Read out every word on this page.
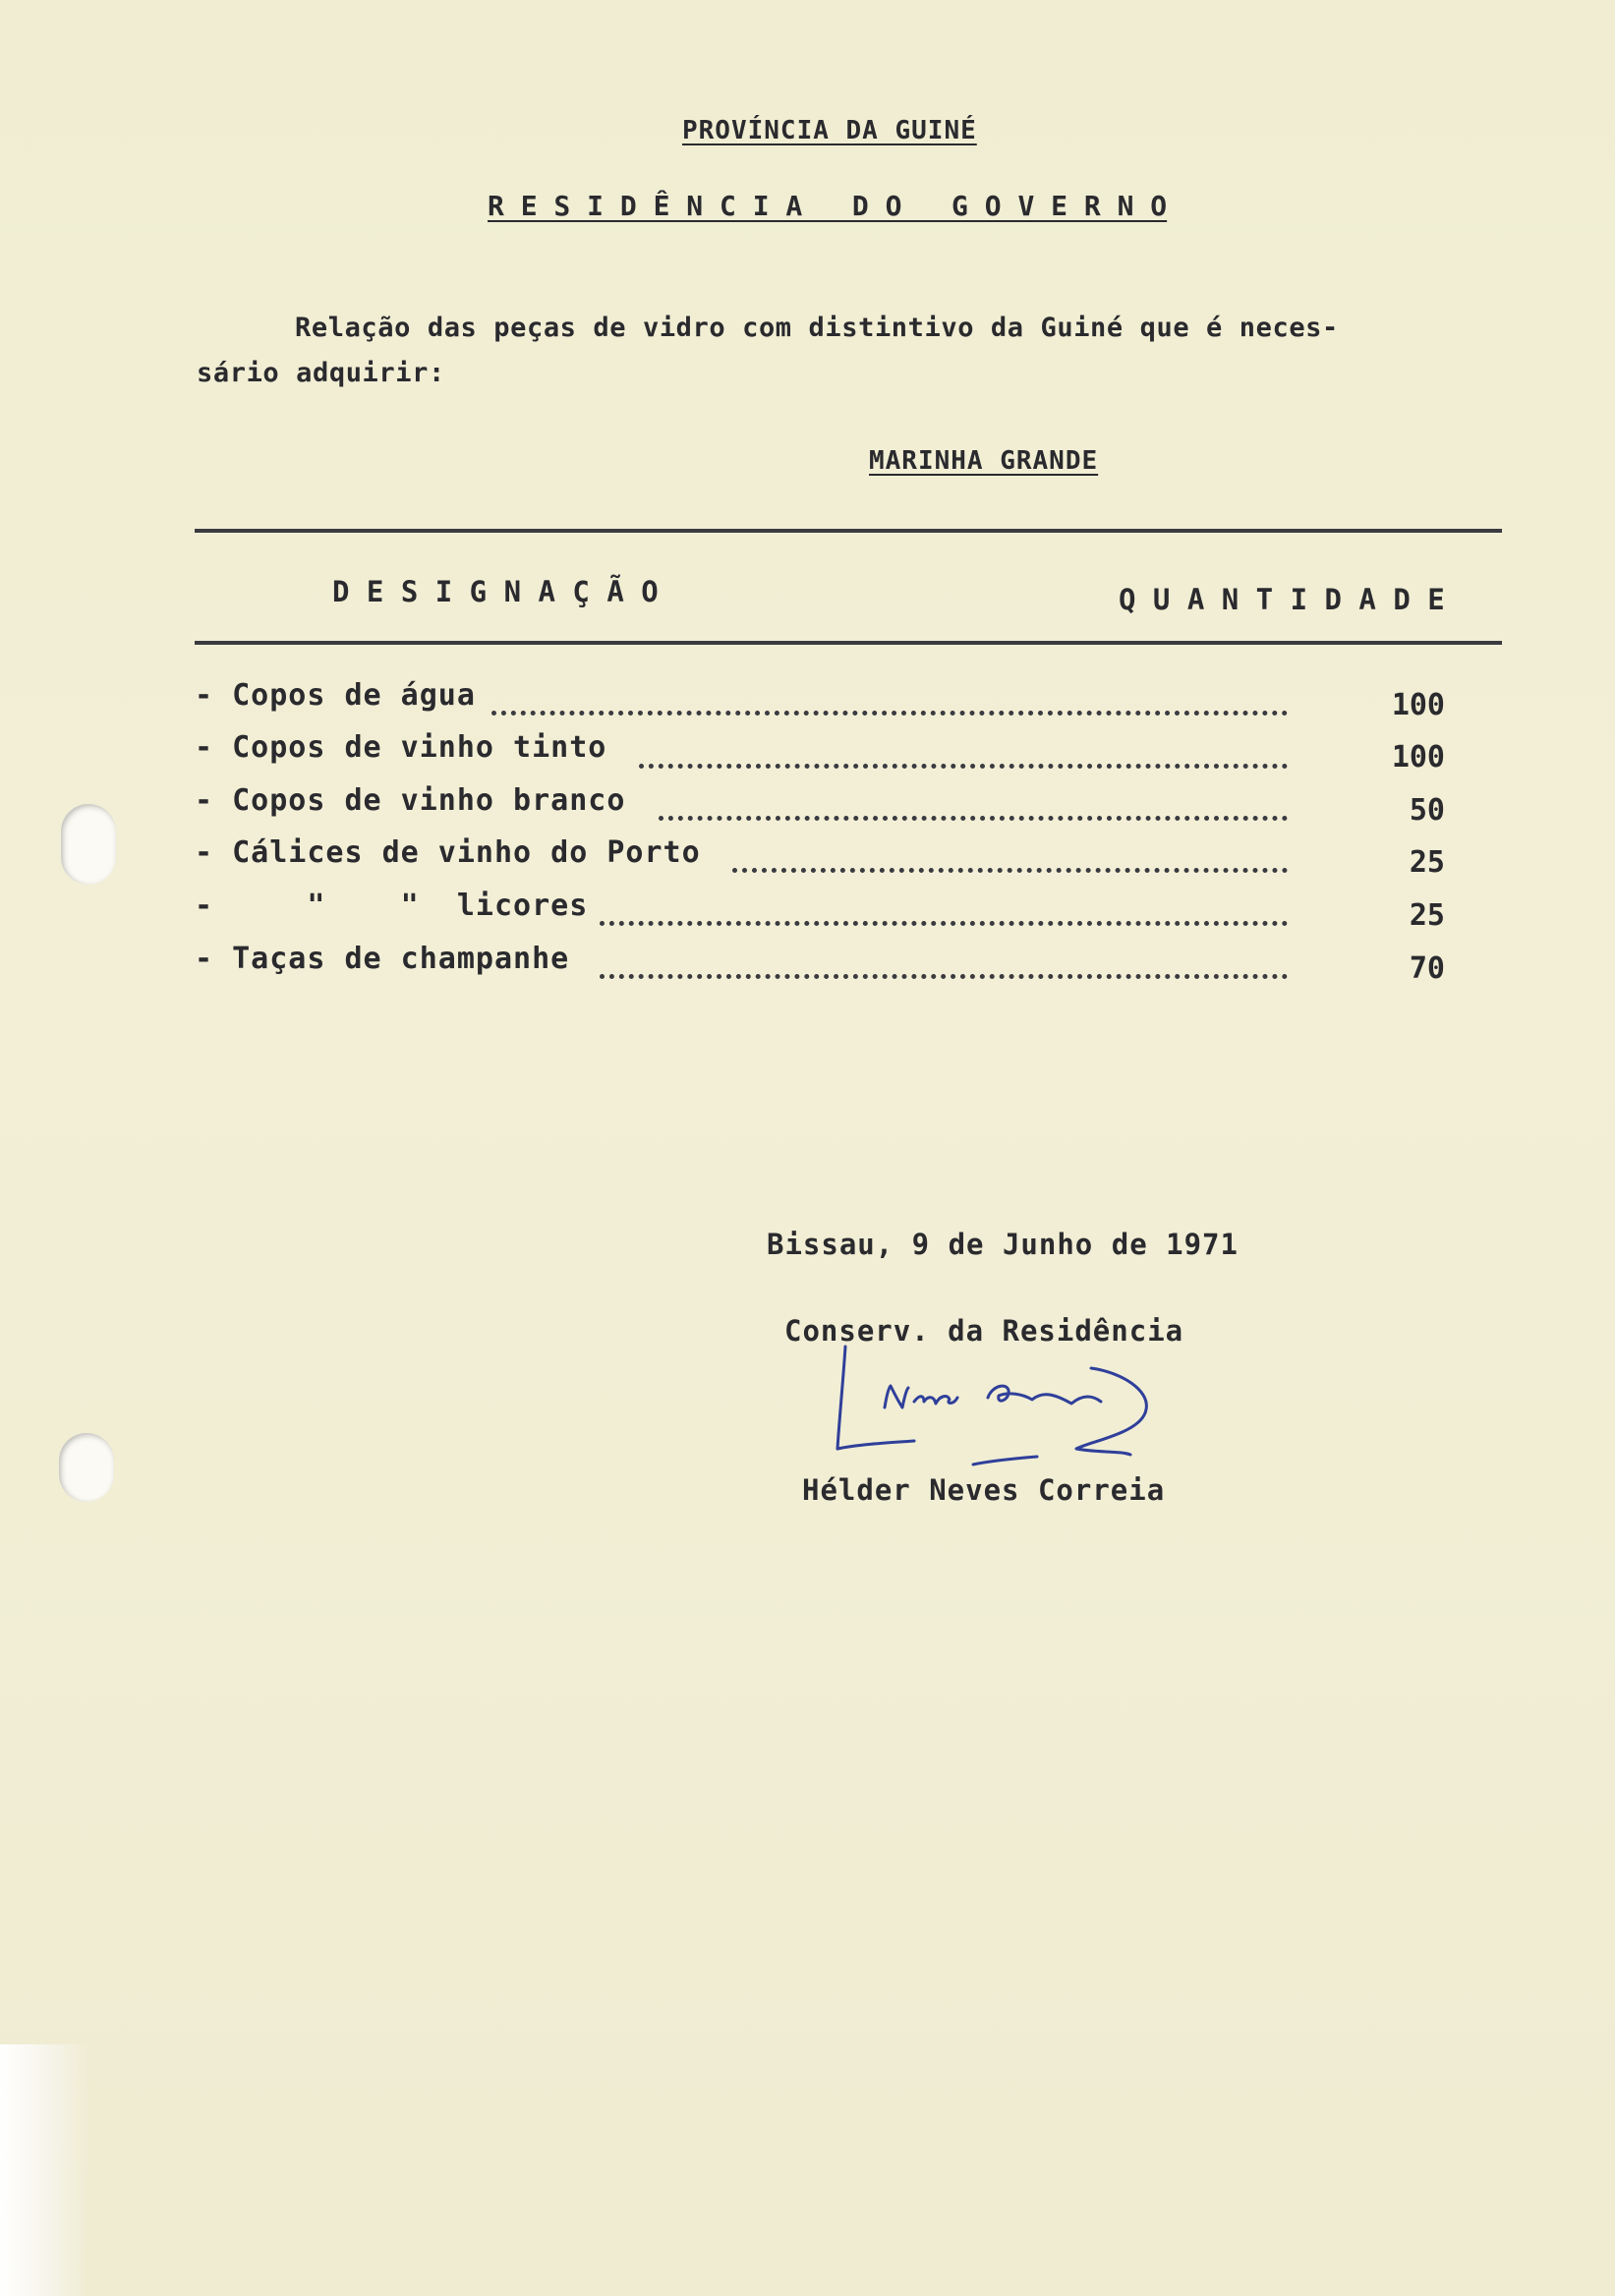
PROVÍNCIA DA GUINÉ
R E S I D Ê N C I A   D O   G O V E R N O
Relação das peças de vidro com distintivo da Guiné que é neces-
sário adquirir:
MARINHA GRANDE
D E S I G N A Ç Ã O	Q U A N T I D A D E
- Copos de água	100
- Copos de vinho tinto	100
- Copos de vinho branco	50
- Cálices de vinho do Porto	25
-     "    "  licores	25
- Taças de champanhe	70
Bissau, 9 de Junho de 1971
Conserv. da Residência
Hélder Neves Correia
